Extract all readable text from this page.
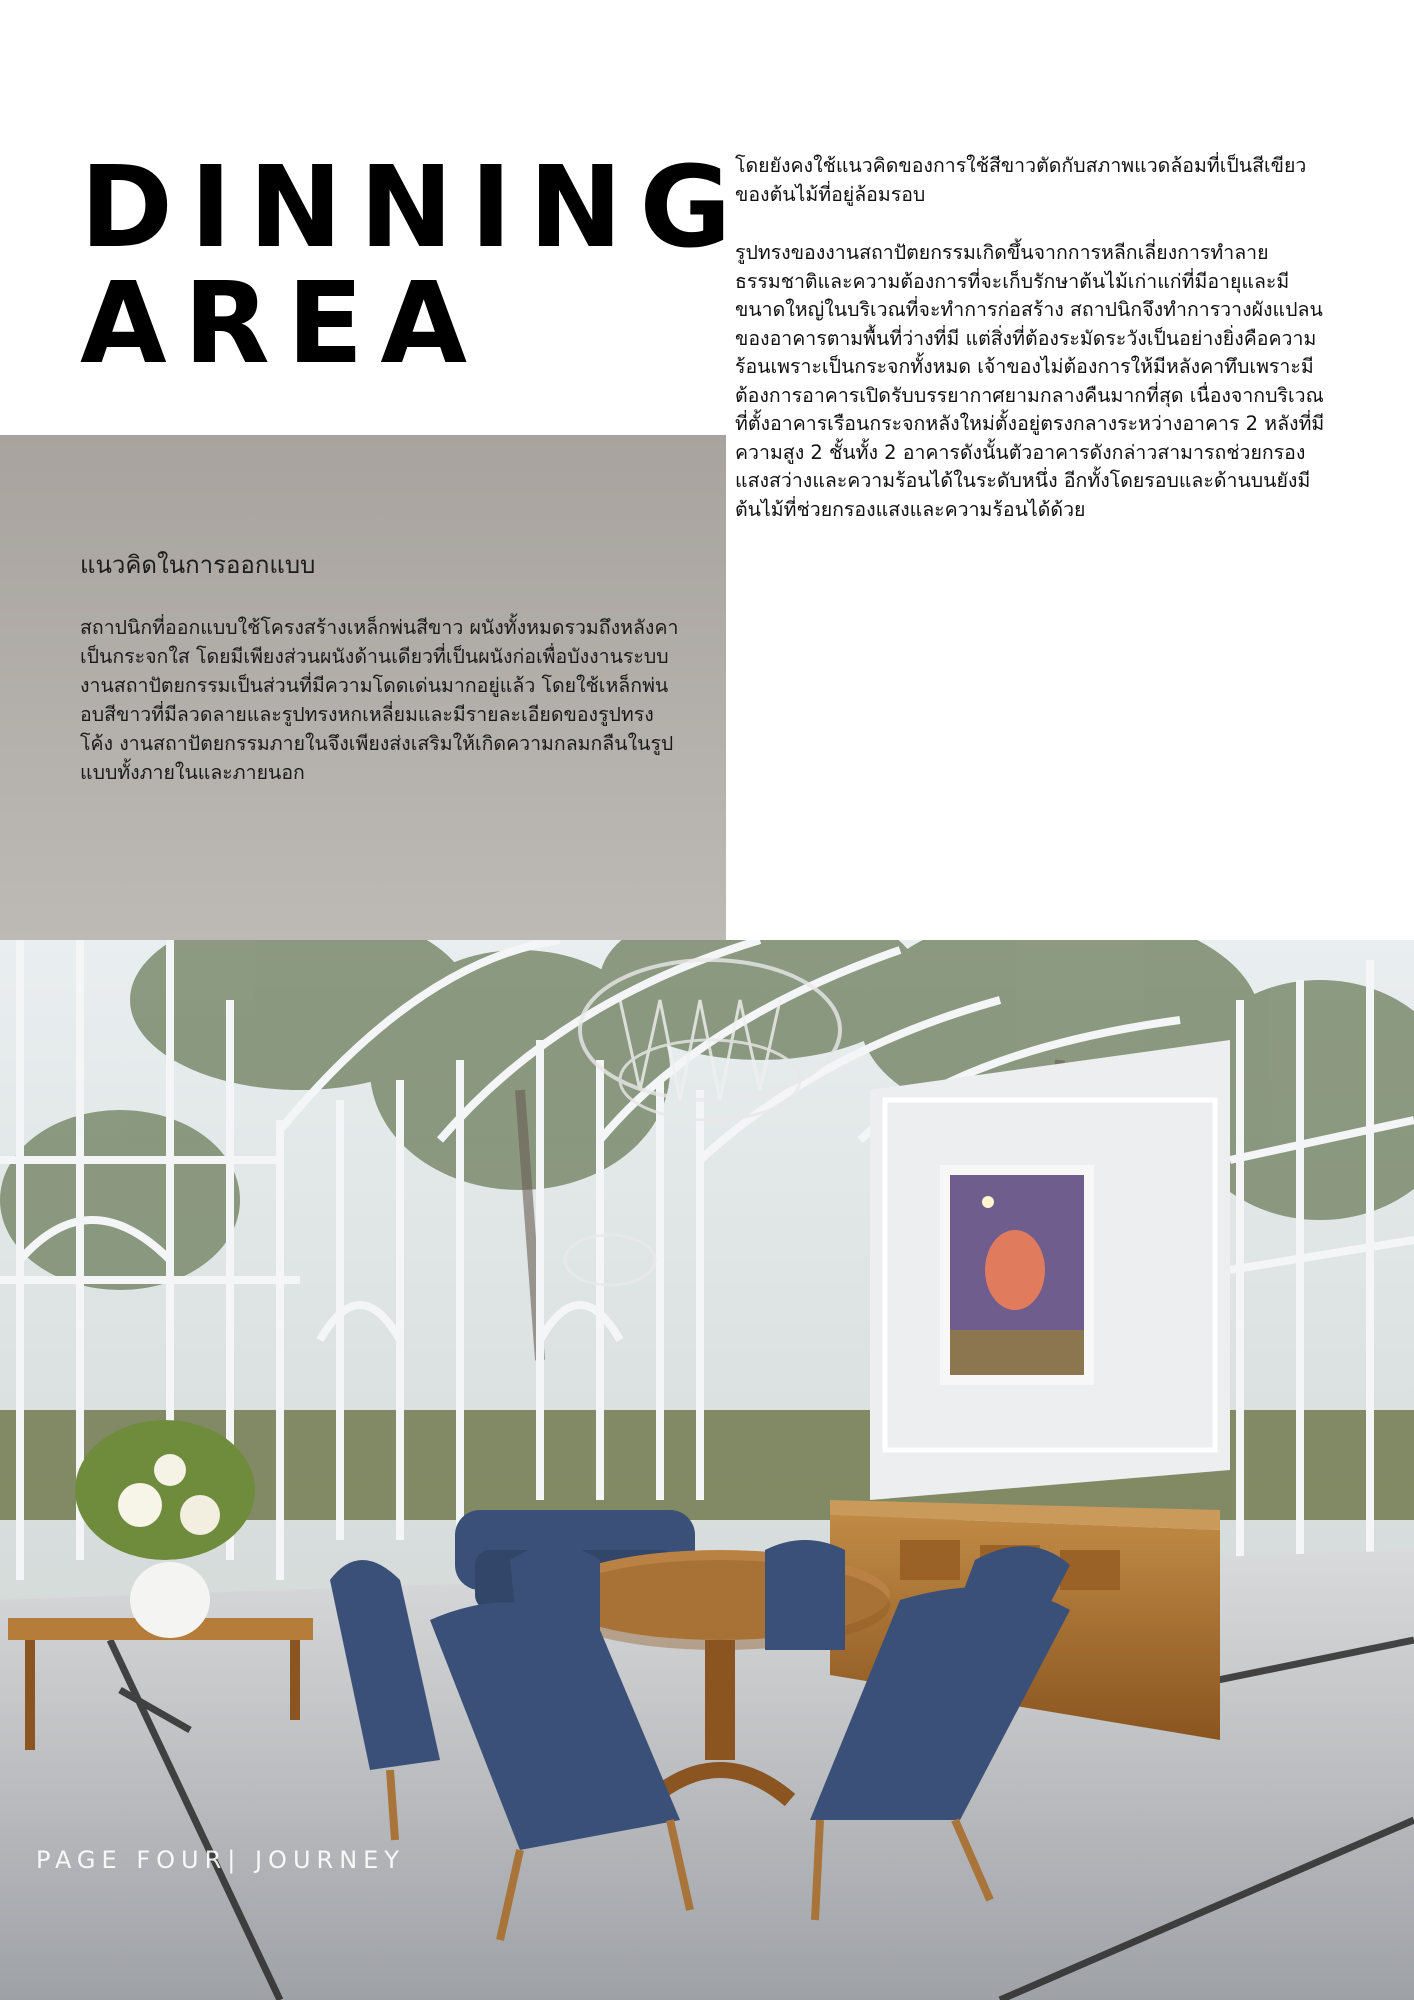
DINNING
AREA

โดยยังคงใช้แนวคิดของการใช้สีขาวตัดกับสภาพแวดล้อมที่เป็นสีเขียวของต้นไม้ที่อยู่ล้อมรอบ

รูปทรงของงานสถาปัตยกรรมเกิดขึ้นจากการหลีกเลี่ยงการทำลายธรรมชาติและความต้องการที่จะเก็บรักษาต้นไม้เก่าแก่ที่มีอายุและมีขนาดใหญ่ในบริเวณที่จะทำการก่อสร้าง สถาปนิกจึงทำการวางผังแปลนของอาคารตามพื้นที่ว่างที่มี แต่สิ่งที่ต้องระมัดระวังเป็นอย่างยิ่งคือความร้อนเพราะเป็นกระจกทั้งหมด เจ้าของไม่ต้องการให้มีหลังคาทึบเพราะมีต้องการอาคารเปิดรับบรรยากาศยามกลางคืนมากที่สุด เนื่องจากบริเวณที่ตั้งอาคารเรือนกระจกหลังใหม่ตั้งอยู่ตรงกลางระหว่างอาคาร 2 หลังที่มีความสูง 2 ชั้นทั้ง 2 อาคารดังนั้นตัวอาคารดังกล่าวสามารถช่วยกรองแสงสว่างและความร้อนได้ในระดับหนึ่ง อีกทั้งโดยรอบและด้านบนยังมีต้นไม้ที่ช่วยกรองแสงและความร้อนได้ด้วย

แนวคิดในการออกแบบ
สถาปนิกที่ออกแบบใช้โครงสร้างเหล็กพ่นสีขาว ผนังทั้งหมดรวมถึงหลังคาเป็นกระจกใส โดยมีเพียงส่วนผนังด้านเดียวที่เป็นผนังก่อเพื่อบังงานระบบ งานสถาปัตยกรรมเป็นส่วนที่มีความโดดเด่นมากอยู่แล้ว โดยใช้เหล็กพ่นอบสีขาวที่มีลวดลายและรูปทรงหกเหลี่ยมและมีรายละเอียดของรูปทรงโค้ง งานสถาปัตยกรรมภายในจึงเพียงส่งเสริมให้เกิดความกลมกลืนในรูปแบบทั้งภายในและภายนอก
PAGE FOUR| JOURNEY
